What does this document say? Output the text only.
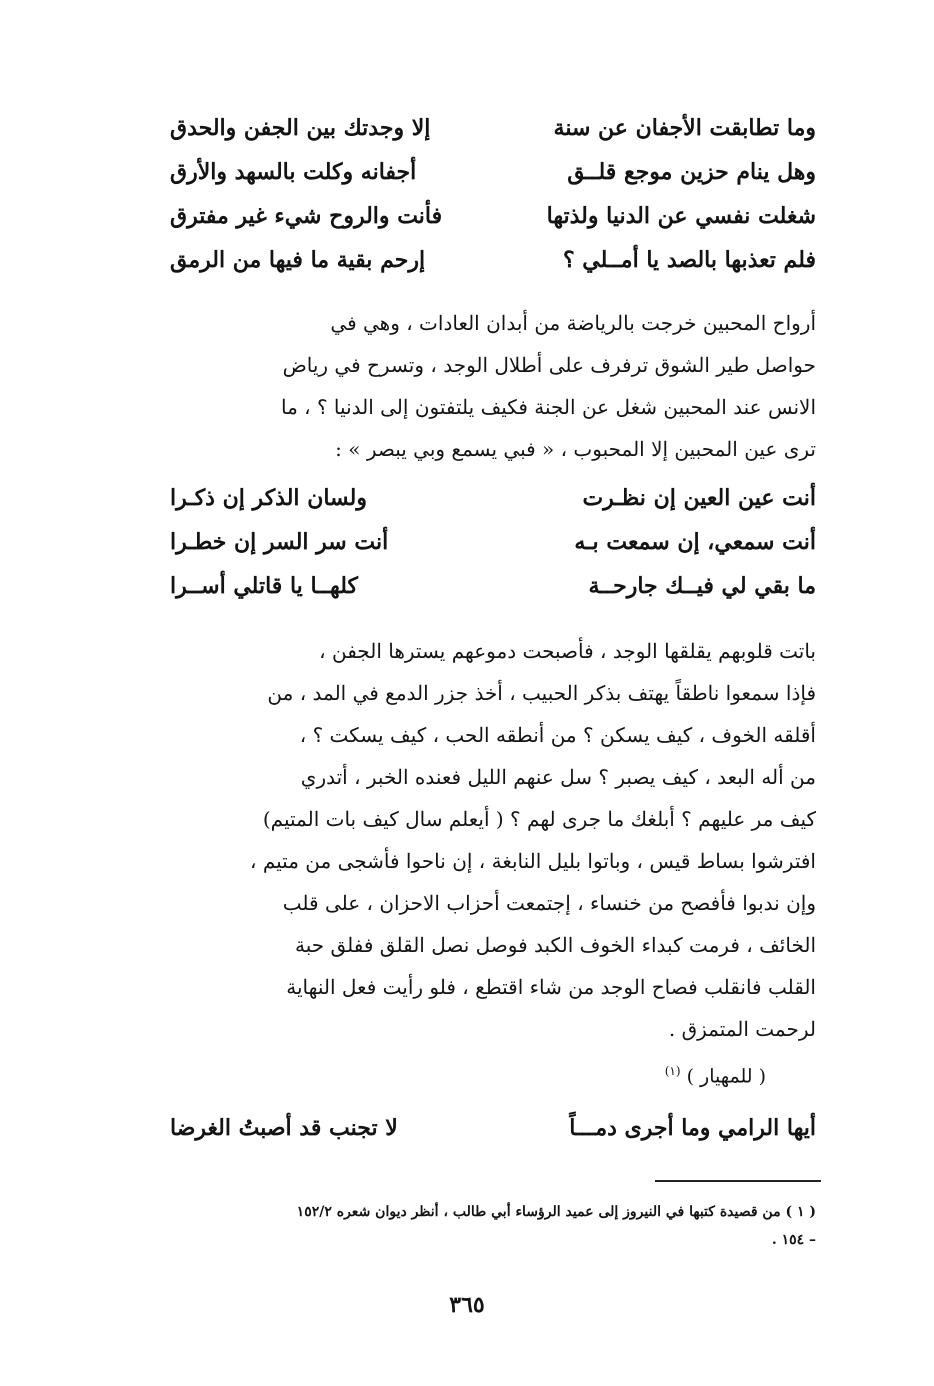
وما تطابقت الأجفان عن سنة
إلا وجدتك بين الجفن والحدق
وهل ينام حزين موجع قلــق
أجفانه وكلت بالسهد والأرق
شغلت نفسي عن الدنيا ولذتها
فأنت والروح شيء غير مفترق
فلم تعذبها بالصد يا أمــلي ؟
إرحم بقية ما فيها من الرمق
أرواح المحبين خرجت بالرياضة من أبدان العادات ، وهي في
حواصل طير الشوق ترفرف على أطلال الوجد ، وتسرح في رياض
الانس عند المحبين شغل عن الجنة فكيف يلتفتون إلى الدنيا ؟ ، ما
ترى عين المحبين إلا المحبوب ، « فبي يسمع وبي يبصر » :
أنت عين العين إن نظـرت
ولسان الذكر إن ذكـرا
أنت سمعي، إن سمعت بـه
أنت سر السر إن خطـرا
ما بقي لي فيــك جارحــة
كلهــا يا قاتلي أســرا
باتت قلوبهم يقلقها الوجد ، فأصبحت دموعهم يسترها الجفن ،
فإذا سمعوا ناطقاً يهتف بذكر الحبيب ، أخذ جزر الدمع في المد ، من
أقلقه الخوف ، كيف يسكن ؟ من أنطقه الحب ، كيف يسكت ؟ ،
من أله البعد ، كيف يصبر ؟ سل عنهم الليل فعنده الخبر ، أتدري
كيف مر عليهم ؟ أبلغك ما جرى لهم ؟ ( أيعلم سال كيف بات المتيم)
افترشوا بساط قيس ، وباتوا بليل النابغة ، إن ناحوا فأشجى من متيم ،
وإن ندبوا فأفصح من خنساء ، إجتمعت أحزاب الاحزان ، على قلب
الخائف ، فرمت كبداء الخوف الكبد فوصل نصل القلق ففلق حبة
القلب فانقلب فصاح الوجد من شاء اقتطع ، فلو رأيت فعل النهاية
لرحمت المتمزق .
( للمهيار ) $^{(١)}$
أيها الرامي وما أجرى دمـــاً
لا تجنب قد أصبتُ الغرضا
( ١ ) من قصيدة كتبها في النيروز إلى عميد الرؤساء أبي طالب ، أنظر ديوان شعره ١٥٢/٢
– ١٥٤ .
٣٦٥
